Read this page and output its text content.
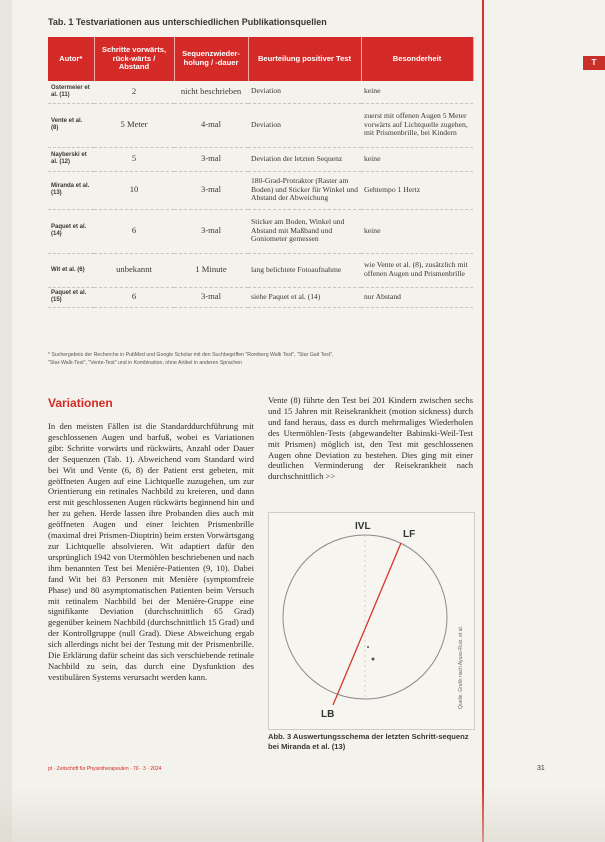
T
Tab. 1 Testvariationen aus unterschiedlichen Publikationsquellen
Autor*	Schritte vorwärts, rück-wärts / Abstand	Sequenzwieder-holung / -dauer	Beurteilung positiver Test	Besonderheit
Ostermeier et al. (11)	2	nicht beschrieben	Deviation	keine
Vente et al. (8)	5 Meter	4-mal	Deviation	zuerst mit offenen Augen 5 Meter vorwärts auf Lichtquelle zugehen, mit Prismenbrille, bei Kindern
Nayberski et al. (12)	5	3-mal	Deviation der letzten Sequenz	keine
Miranda et al. (13)	10	3-mal	180-Grad-Protraktor (Raster am Boden) und Sticker für Winkel und Abstand der Abweichung	Gehtempo 1 Hertz
Paquet et al. (14)	6	3-mal	Sticker am Boden, Winkel und Abstand mit Maßband und Goniometer gemessen	keine
Wit et al. (6)	unbekannt	1 Minute	lang belichtete Fotoaufnahme	wie Vente et al. (8), zusätzlich mit offenen Augen und Prismenbrille
Paquet et al. (15)	6	3-mal	siehe Paquet et al. (14)	nur Abstand
* Suchergebnis der Recherche in PubMed und Google Scholar mit den Suchbegriffen "Romberg Walk Test", "Star Gait Test",
"Star-Walk-Test", "Vente-Test" und in Kombination, ohne Artikel in anderen Sprachen
Variationen
In den meisten Fällen ist die Standarddurchführung mit geschlossenen Augen und barfuß, wobei es Variationen gibt: Schritte vorwärts und rückwärts, Anzahl oder Dauer der Sequenzen (Tab. 1). Abweichend vom Standard wird bei Wit und Vente (6, 8) der Patient erst gebeten, mit geöffneten Augen auf eine Lichtquelle zuzugehen, um zur Orientierung ein retinales Nachbild zu kreieren, und dann erst mit geschlossenen Augen rückwärts beginnend hin und her zu gehen. Herde lassen ihre Probanden dies auch mit geöffneten Augen und einer leichten Prismenbrille (maximal drei Prismen-Dioptrin) beim ersten Vorwärtsgang zur Lichtquelle absolvieren. Wit adaptiert dafür den ursprünglich 1942 von Utermöhlen beschriebenen und nach ihm benannten Test bei Menière-Patienten (9, 10). Dabei fand Wit bei 83 Personen mit Menière (symptomfreie Phase) und 80 asymptomatischen Patienten beim Versuch mit retinalem Nachbild bei der Menière-Gruppe eine signifikante Deviation (durchschnittlich 65 Grad) gegenüber keinem Nachbild (durchschnittlich 15 Grad) und der Kontrollgruppe (null Grad). Diese Abweichung ergab sich allerdings nicht bei der Testung mit der Prismenbrille. Die Erklärung dafür scheint das sich verschiebende retinale Nachbild zu sein, das durch eine Dysfunktion des vestibulären Systems verursacht werden kann.
Vente (8) führte den Test bei 201 Kindern zwischen sechs und 15 Jahren mit Reisekrankheit (motion sickness) durch und fand heraus, dass es durch mehrmaliges Wiederholen des Utermöhlen-Tests (abgewandelter Babinski-Weil-Test mit Prismen) möglich ist, den Test mit geschlossenen Augen ohne Deviation zu bestehen. Dies ging mit einer deutlichen Verminderung der Reisekrankheit nach durchschnittlich >>
IVL
LF
LB
Quelle: Grafik nach Ayuso-Ruiz, et al.
Abb. 3 Auswertungsschema der letzten Schritt-sequenz bei Miranda et al. (13)
pt · Zeitschrift für Physiotherapeuten · 76 · 3 · 2024	31
